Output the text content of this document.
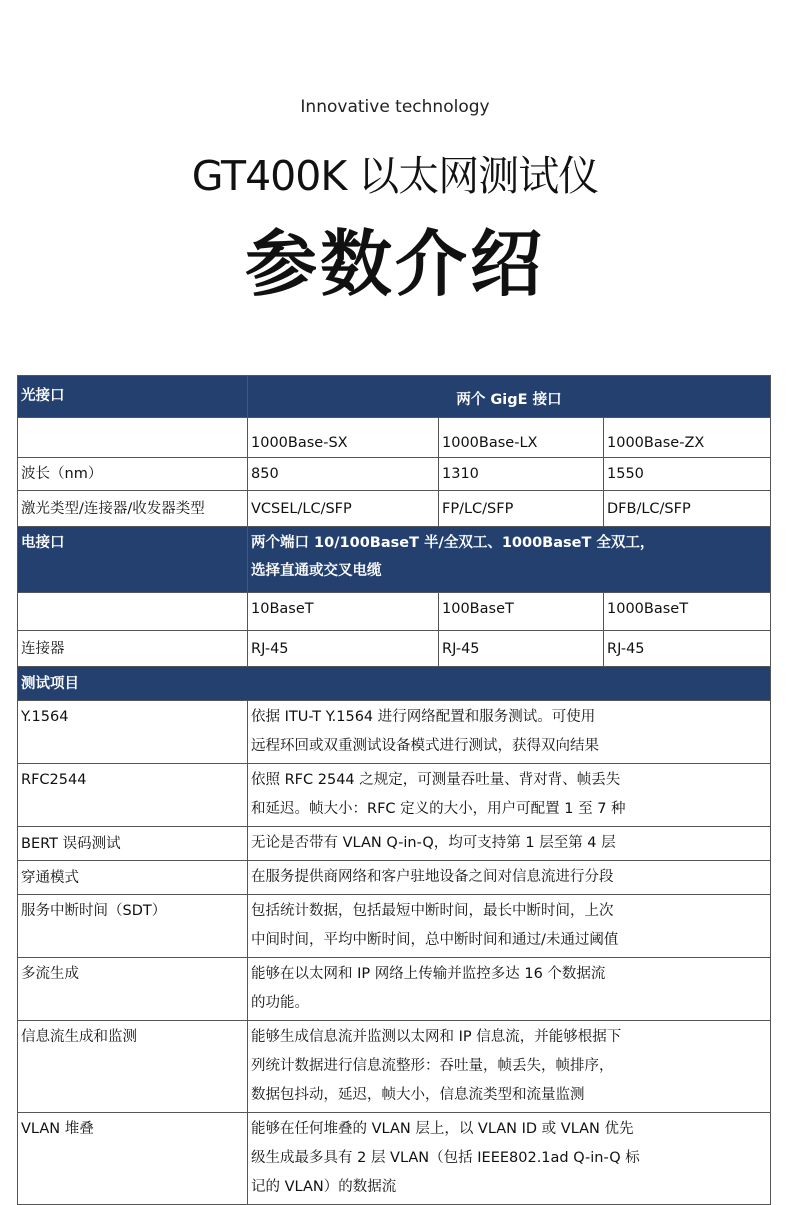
Innovative technology
GT400K 以太网测试仪
参数介绍
光接口	两个 GigE 接口		
	1000Base-SX	1000Base-LX	1000Base-ZX
波长（nm）	850	1310	1550
激光类型/连接器/收发器类型	VCSEL/LC/SFP	FP/LC/SFP	DFB/LC/SFP
电接口	两个端口 10/100BaseT 半/全双工、1000BaseT 全双工，
选择直通或交叉电缆		

	10BaseT	100BaseT	1000BaseT
连接器	RJ-45	RJ-45	RJ-45
测试项目			
Y.1564	依据 ITU-T Y.1564 进行网络配置和服务测试。可使用
远程环回或双重测试设备模式进行测试，获得双向结果		

RFC2544	依照 RFC 2544 之规定，可测量吞吐量、背对背、帧丢失
和延迟。帧大小：RFC 定义的大小，用户可配置 1 至 7 种		

BERT 误码测试	无论是否带有 VLAN Q-in-Q，均可支持第 1 层至第 4 层		

穿通模式	在服务提供商网络和客户驻地设备之间对信息流进行分段		

服务中断时间（SDT）	包括统计数据，包括最短中断时间，最长中断时间，上次
中间时间，平均中断时间，总中断时间和通过/未通过阈值		

多流生成	能够在以太网和 IP 网络上传输并监控多达 16 个数据流
的功能。		

信息流生成和监测	能够生成信息流并监测以太网和 IP 信息流，并能够根据下
列统计数据进行信息流整形：吞吐量，帧丢失，帧排序，
数据包抖动，延迟，帧大小，信息流类型和流量监测		

VLAN 堆叠	能够在任何堆叠的 VLAN 层上，以 VLAN ID 或 VLAN 优先
级生成最多具有 2 层 VLAN（包括 IEEE802.1ad Q-in-Q 标
记的 VLAN）的数据流		
